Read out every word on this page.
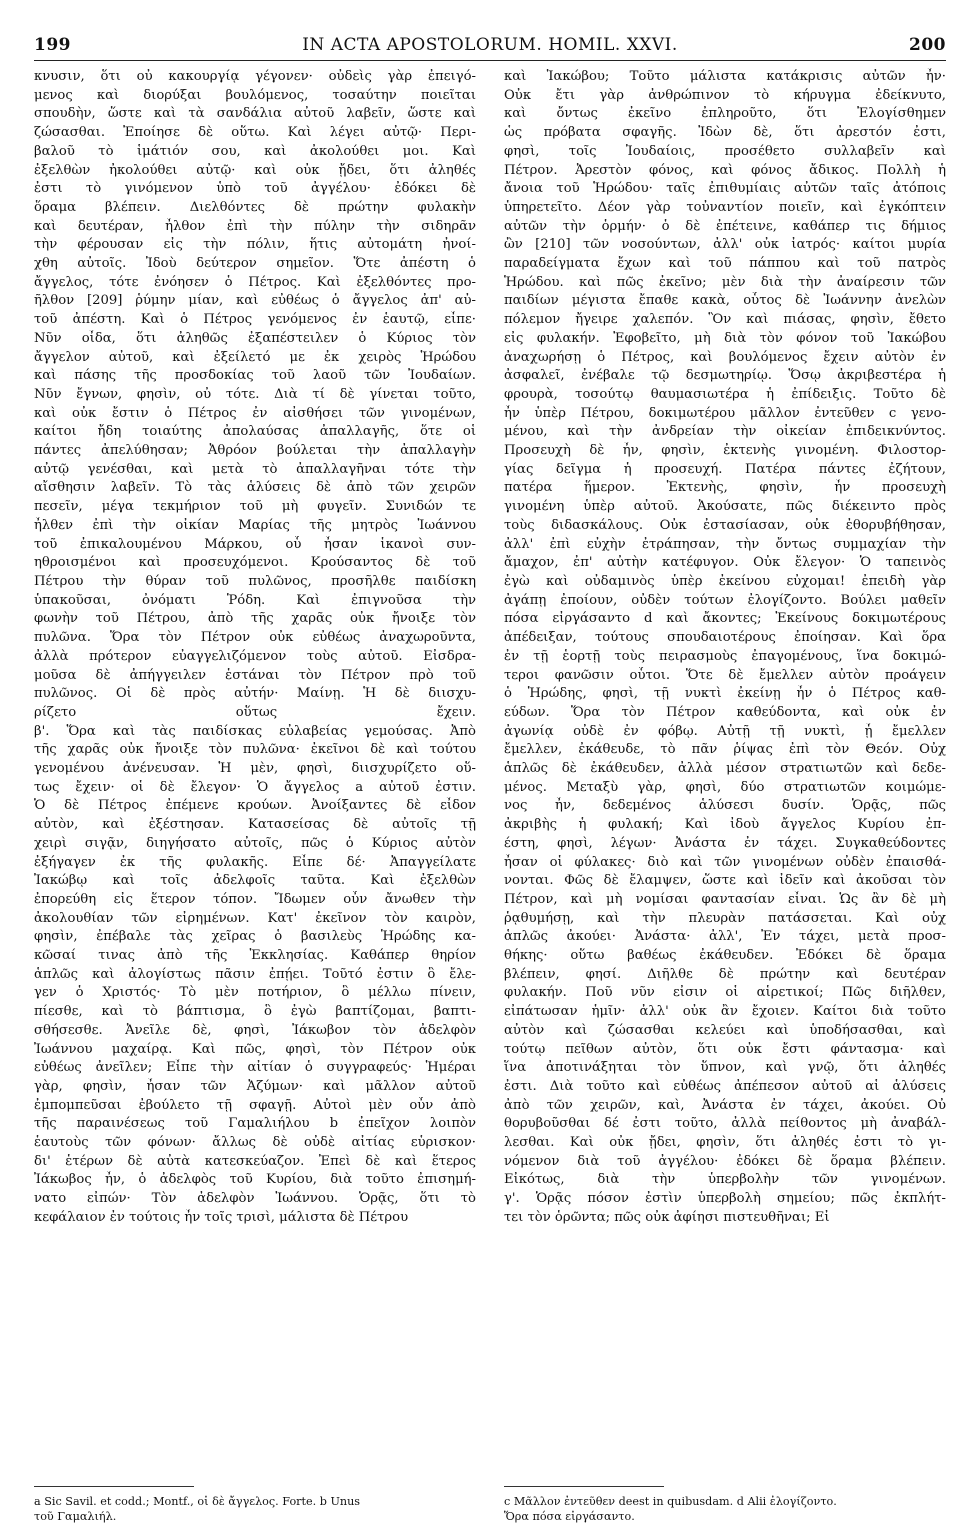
199	IN ACTA APOSTOLORUM. HOMIL. XXVI.	200
κνυσιν, ὅτι οὐ κακουργίᾳ γέγονεν· οὐδεὶς γὰρ ἐπειγό-
μενος καὶ διορύξαι βουλόμενος, τοσαύτην ποιεῖται
σπουδὴν, ὥστε καὶ τὰ σανδάλια αὐτοῦ λαβεῖν, ὥστε καὶ
ζώσασθαι. Ἐποίησε δὲ οὕτω. Καὶ λέγει αὐτῷ· Περι-
βαλοῦ τὸ ἱμάτιόν σου, καὶ ἀκολούθει μοι. Καὶ
ἐξελθὼν ἠκολούθει αὐτῷ· καὶ οὐκ ᾔδει, ὅτι ἀληθές
ἐστι τὸ γινόμενον ὑπὸ τοῦ ἀγγέλου· ἐδόκει δὲ
ὅραμα βλέπειν. Διελθόντες δὲ πρώτην φυλακὴν
καὶ δευτέραν, ἦλθον ἐπὶ τὴν πύλην τὴν σιδηρᾶν
τὴν φέρουσαν εἰς τὴν πόλιν, ἥτις αὐτομάτη ἠνοί-
χθη αὐτοῖς. Ἰδοὺ δεύτερον σημεῖον. Ὅτε ἀπέστη ὁ
ἄγγελος, τότε ἐνόησεν ὁ Πέτρος. Καὶ ἐξελθόντες προ-
ῆλθον [209] ῥύμην μίαν, καὶ εὐθέως ὁ ἄγγελος ἀπ' αὐ-
τοῦ ἀπέστη. Καὶ ὁ Πέτρος γενόμενος ἐν ἑαυτῷ, εἶπε·
Νῦν οἶδα, ὅτι ἀληθῶς ἐξαπέστειλεν ὁ Κύριος τὸν
ἄγγελον αὐτοῦ, καὶ ἐξείλετό με ἐκ χειρὸς Ἡρώδου
καὶ πάσης τῆς προσδοκίας τοῦ λαοῦ τῶν Ἰουδαίων.
Νῦν ἔγνων, φησὶν, οὐ τότε. Διὰ τί δὲ γίνεται τοῦτο,
καὶ οὐκ ἔστιν ὁ Πέτρος ἐν αἰσθήσει τῶν γινομένων,
καίτοι ἤδη τοιαύτης ἀπολαύσας ἀπαλλαγῆς, ὅτε οἱ
πάντες ἀπελύθησαν; Ἀθρόον βούλεται τὴν ἀπαλλαγὴν
αὐτῷ γενέσθαι, καὶ μετὰ τὸ ἀπαλλαγῆναι τότε τὴν
αἴσθησιν λαβεῖν. Τὸ τὰς ἁλύσεις δὲ ἀπὸ τῶν χειρῶν
πεσεῖν, μέγα τεκμήριον τοῦ μὴ φυγεῖν. Συνιδών τε
ἦλθεν ἐπὶ τὴν οἰκίαν Μαρίας τῆς μητρὸς Ἰωάννου
τοῦ ἐπικαλουμένου Μάρκου, οὗ ἦσαν ἱκανοὶ συν-
ηθροισμένοι καὶ προσευχόμενοι. Κρούσαντος δὲ τοῦ
Πέτρου τὴν θύραν τοῦ πυλῶνος, προσῆλθε παιδίσκη
ὑπακοῦσαι, ὀνόματι Ῥόδη. Καὶ ἐπιγνοῦσα τὴν
φωνὴν τοῦ Πέτρου, ἀπὸ τῆς χαρᾶς οὐκ ἤνοιξε τὸν
πυλῶνα. Ὅρα τὸν Πέτρον οὐκ εὐθέως ἀναχωροῦντα,
ἀλλὰ πρότερον εὐαγγελιζόμενον τοὺς αὐτοῦ. Εἰσδρα-
μοῦσα δὲ ἀπήγγειλεν ἑστάναι τὸν Πέτρον πρὸ τοῦ
πυλῶνος. Οἱ δὲ πρὸς αὐτήν· Μαίνῃ. Ἡ δὲ διισχυ-
ρίζετο οὕτως ἔχειν.
β'. Ὅρα καὶ τὰς παιδίσκας εὐλαβείας γεμούσας. Ἀπὸ
τῆς χαρᾶς οὐκ ἤνοιξε τὸν πυλῶνα· ἐκεῖνοι δὲ καὶ τούτου
γενομένου ἀνένευσαν. Ἡ μὲν, φησὶ, διισχυρίζετο οὕ-
τως ἔχειν· οἱ δὲ ἔλεγον· Ὁ ἄγγελος a αὐτοῦ ἐστιν.
Ὁ δὲ Πέτρος ἐπέμενε κρούων. Ἀνοίξαντες δὲ εἶδον
αὐτὸν, καὶ ἐξέστησαν. Κατασείσας δὲ αὐτοῖς τῇ
χειρὶ σιγᾷν, διηγήσατο αὐτοῖς, πῶς ὁ Κύριος αὐτὸν
ἐξήγαγεν ἐκ τῆς φυλακῆς. Εἶπε δέ· Ἀπαγγείλατε
Ἰακώβῳ καὶ τοῖς ἀδελφοῖς ταῦτα. Καὶ ἐξελθὼν
ἐπορεύθη εἰς ἕτερον τόπον. Ἴδωμεν οὖν ἄνωθεν τὴν
ἀκολουθίαν τῶν εἰρημένων. Κατ' ἐκεῖνον τὸν καιρὸν,
φησὶν, ἐπέβαλε τὰς χεῖρας ὁ βασιλεὺς Ἡρώδης κα-
κῶσαί τινας ἀπὸ τῆς Ἐκκλησίας. Καθάπερ θηρίον
ἁπλῶς καὶ ἀλογίστως πᾶσιν ἐπῄει. Τοῦτό ἐστιν ὃ ἔλε-
γεν ὁ Χριστός· Τὸ μὲν ποτήριον, ὃ μέλλω πίνειν,
πίεσθε, καὶ τὸ βάπτισμα, ὃ ἐγὼ βαπτίζομαι, βαπτι-
σθήσεσθε. Ἀνεῖλε δὲ, φησὶ, Ἰάκωβον τὸν ἀδελφὸν
Ἰωάννου μαχαίρᾳ. Καὶ πῶς, φησὶ, τὸν Πέτρον οὐκ
εὐθέως ἀνεῖλεν; Εἶπε τὴν αἰτίαν ὁ συγγραφεύς· Ἡμέραι
γὰρ, φησὶν, ἦσαν τῶν Ἀζύμων· καὶ μᾶλλον αὐτοῦ
ἐμπομπεῦσαι ἐβούλετο τῇ σφαγῇ. Αὐτοὶ μὲν οὖν ἀπὸ
τῆς παραινέσεως τοῦ Γαμαλιήλου b ἐπεῖχον λοιπὸν
ἑαυτοὺς τῶν φόνων· ἄλλως δὲ οὐδὲ αἰτίας εὑρισκον·
δι' ἑτέρων δὲ αὐτὰ κατεσκεύαζον. Ἐπεὶ δὲ καὶ ἕτερος
Ἰάκωβος ἦν, ὁ ἀδελφὸς τοῦ Κυρίου, διὰ τοῦτο ἐπισημή-
νατο εἰπών· Τὸν ἀδελφὸν Ἰωάννου. Ὁρᾷς, ὅτι τὸ
κεφάλαιον ἐν τούτοις ἦν τοῖς τρισὶ, μάλιστα δὲ Πέτρου
καὶ Ἰακώβου; Τοῦτο μάλιστα κατάκρισις αὐτῶν ἦν·
Οὐκ ἔτι γὰρ ἀνθρώπινον τὸ κήρυγμα ἐδείκνυτο,
καὶ ὄντως ἐκεῖνο ἐπληροῦτο, ὅτι Ἐλογίσθημεν
ὡς πρόβατα σφαγῆς. Ἰδὼν δὲ, ὅτι ἀρεστόν ἐστι,
φησὶ, τοῖς Ἰουδαίοις, προσέθετο συλλαβεῖν καὶ
Πέτρον. Ἀρεστὸν φόνος, καὶ φόνος ἄδικος. Πολλὴ ἡ
ἄνοια τοῦ Ἡρώδου· ταῖς ἐπιθυμίαις αὐτῶν ταῖς ἀτόποις
ὑπηρετεῖτο. Δέον γὰρ τοὐναντίον ποιεῖν, καὶ ἐγκόπτειν
αὐτῶν τὴν ὁρμήν· ὁ δὲ ἐπέτεινε, καθάπερ τις δήμιος
ὢν [210] τῶν νοσούντων, ἀλλ' οὐκ ἰατρός· καίτοι μυρία
παραδείγματα ἔχων καὶ τοῦ πάππου καὶ τοῦ πατρὸς
Ἡρώδου. καὶ πῶς ἐκεῖνο; μὲν διὰ τὴν ἀναίρεσιν τῶν
παιδίων μέγιστα ἔπαθε κακὰ, οὗτος δὲ Ἰωάννην ἀνελὼν
πόλεμον ἤγειρε χαλεπόν. Ὃν καὶ πιάσας, φησὶν, ἔθετο
εἰς φυλακήν. Ἐφοβεῖτο, μὴ διὰ τὸν φόνον τοῦ Ἰακώβου
ἀναχωρήσῃ ὁ Πέτρος, καὶ βουλόμενος ἔχειν αὐτὸν ἐν
ἀσφαλεῖ, ἐνέβαλε τῷ δεσμωτηρίῳ. Ὅσῳ ἀκριβεστέρα ἡ
φρουρὰ, τοσούτῳ θαυμασιωτέρα ἡ ἐπίδειξις. Τοῦτο δὲ
ἦν ὑπὲρ Πέτρου, δοκιμωτέρου μᾶλλον ἐντεῦθεν c γενο-
μένου, καὶ τὴν ἀνδρείαν τὴν οἰκείαν ἐπιδεικνύντος.
Προσευχὴ δὲ ἦν, φησὶν, ἐκτενὴς γινομένη. Φιλοστορ-
γίας δεῖγμα ἡ προσευχή. Πατέρα πάντες ἐζήτουν,
πατέρα ἥμερον. Ἐκτενὴς, φησὶν, ἦν προσευχὴ
γινομένη ὑπὲρ αὐτοῦ. Ἀκούσατε, πῶς διέκειντο πρὸς
τοὺς διδασκάλους. Οὐκ ἐστασίασαν, οὐκ ἐθορυβήθησαν,
ἀλλ' ἐπὶ εὐχὴν ἐτράπησαν, τὴν ὄντως συμμαχίαν τὴν
ἄμαχον, ἐπ' αὐτὴν κατέφυγον. Οὐκ ἔλεγον· Ὁ ταπεινὸς
ἐγὼ καὶ οὐδαμινὸς ὑπὲρ ἐκείνου εὐχομαι! ἐπειδὴ γὰρ
ἀγάπῃ ἐποίουν, οὐδὲν τούτων ἐλογίζοντο. Βούλει μαθεῖν
πόσα εἰργάσαντο d καὶ ἄκοντες; Ἐκείνους δοκιμωτέρους
ἀπέδειξαν, τούτους σπουδαιοτέρους ἐποίησαν. Καὶ ὅρα
ἐν τῇ ἑορτῇ τοὺς πειρασμοὺς ἐπαγομένους, ἵνα δοκιμώ-
τεροι φανῶσιν οὗτοι. Ὅτε δὲ ἔμελλεν αὐτὸν προάγειν
ὁ Ἡρώδης, φησὶ, τῇ νυκτὶ ἐκείνῃ ἦν ὁ Πέτρος καθ-
εύδων. Ὅρα τὸν Πέτρον καθεύδοντα, καὶ οὐκ ἐν
ἀγωνίᾳ οὐδὲ ἐν φόβῳ. Αὐτῇ τῇ νυκτὶ, ᾗ ἔμελλεν
ἔμελλεν, ἐκάθευδε, τὸ πᾶν ῥίψας ἐπὶ τὸν Θεόν. Οὐχ
ἁπλῶς δὲ ἐκάθευδεν, ἀλλὰ μέσον στρατιωτῶν καὶ δεδε-
μένος. Μεταξὺ γὰρ, φησὶ, δύο στρατιωτῶν κοιμώμε-
νος ἦν, δεδεμένος ἁλύσεσι δυσίν. Ὁρᾷς, πῶς
ἀκριβὴς ἡ φυλακή; Καὶ ἰδοὺ ἄγγελος Κυρίου ἐπ-
έστη, φησὶ, λέγων· Ἀνάστα ἐν τάχει. Συγκαθεύδοντες
ἦσαν οἱ φύλακες· διὸ καὶ τῶν γινομένων οὐδὲν ἐπαισθά-
νονται. Φῶς δὲ ἔλαμψεν, ὥστε καὶ ἰδεῖν καὶ ἀκοῦσαι τὸν
Πέτρον, καὶ μὴ νομίσαι φαντασίαν εἶναι. Ὡς ἂν δὲ μὴ
ῥᾳθυμήσῃ, καὶ τὴν πλευρὰν πατάσσεται. Καὶ οὐχ
ἁπλῶς ἀκούει· Ἀνάστα· ἀλλ', Ἐν τάχει, μετὰ προσ-
θήκης· οὕτω βαθέως ἐκάθευδεν. Ἐδόκει δὲ ὅραμα
βλέπειν, φησί. Διῆλθε δὲ πρώτην καὶ δευτέραν
φυλακήν. Ποῦ νῦν εἰσιν οἱ αἱρετικοί; Πῶς διῆλθεν,
εἰπάτωσαν ἡμῖν· ἀλλ' οὐκ ἂν ἔχοιεν. Καίτοι διὰ τοῦτο
αὐτὸν καὶ ζώσασθαι κελεύει καὶ ὑποδήσασθαι, καὶ
τούτῳ πεῖθων αὐτὸν, ὅτι οὐκ ἔστι φάντασμα· καὶ
ἵνα ἀποτινάξηται τὸν ὕπνον, καὶ γνῷ, ὅτι ἀληθές
ἐστι. Διὰ τοῦτο καὶ εὐθέως ἀπέπεσον αὐτοῦ αἱ ἁλύσεις
ἀπὸ τῶν χειρῶν, καὶ, Ἀνάστα ἐν τάχει, ἀκούει. Οὐ
θορυβοῦσθαι δέ ἐστι τοῦτο, ἀλλὰ πείθοντος μὴ ἀναβάλ-
λεσθαι. Καὶ οὐκ ᾔδει, φησὶν, ὅτι ἀληθές ἐστι τὸ γι-
νόμενον διὰ τοῦ ἀγγέλου· ἐδόκει δὲ ὅραμα βλέπειν.
Εἰκότως, διὰ τὴν ὑπερβολὴν τῶν γινομένων.
γ'. Ὁρᾷς πόσον ἐστὶν ὑπερβολὴ σημείου; πῶς ἐκπλήτ-
τει τὸν ὁρῶντα; πῶς οὐκ ἀφίησι πιστευθῆναι; Εἰ
a Sic Savil. et codd.; Montf., οἱ δὲ ἄγγελος. Forte. b Unus
τοῦ Γαμαλιήλ.
c Μᾶλλον ἐντεῦθεν deest in quibusdam. d Alii ἐλογίζοντο.
Ὅρα πόσα εἰργάσαντο.
